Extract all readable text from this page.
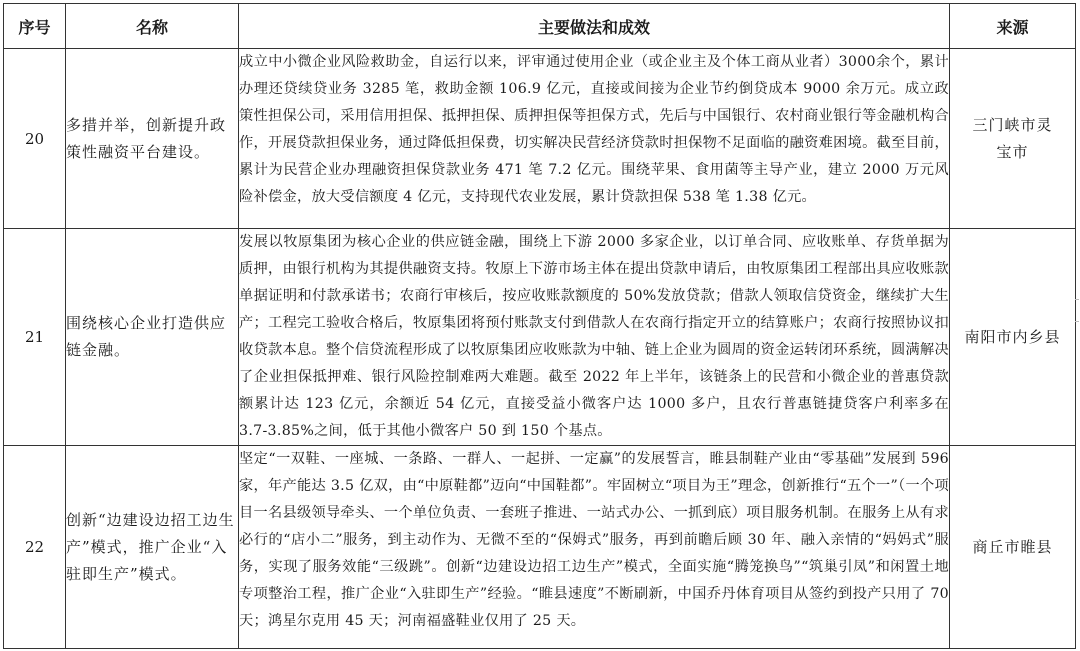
序号	名称	主要做法和成效	来源
20	多措并举，创新提升政策性融资平台建设。	成立中小微企业风险救助金，自运行以来，评审通过使用企业（或企业主及个体工商从业者）3000余个，累计办理还贷续贷业务 3285 笔，救助金额 106.9 亿元，直接或间接为企业节约倒贷成本 9000 余万元。成立政策性担保公司，采用信用担保、抵押担保、质押担保等担保方式，先后与中国银行、农村商业银行等金融机构合作，开展贷款担保业务，通过降低担保费，切实解决民营经济贷款时担保物不足面临的融资难困境。截至目前，累计为民营企业办理融资担保贷款业务 471 笔 7.2 亿元。围绕苹果、食用菌等主导产业，建立 2000 万元风险补偿金，放大受信额度 4 亿元，支持现代农业发展，累计贷款担保 538 笔 1.38 亿元。	三门峡市灵宝市
21	围绕核心企业打造供应链金融。	发展以牧原集团为核心企业的供应链金融，围绕上下游 2000 多家企业，以订单合同、应收账单、存货单据为质押，由银行机构为其提供融资支持。牧原上下游市场主体在提出贷款申请后，由牧原集团工程部出具应收账款单据证明和付款承诺书；农商行审核后，按应收账款额度的 50%发放贷款；借款人领取信贷资金，继续扩大生产；工程完工验收合格后，牧原集团将预付账款支付到借款人在农商行指定开立的结算账户；农商行按照协议扣收贷款本息。整个信贷流程形成了以牧原集团应收账款为中轴、链上企业为圆周的资金运转闭环系统，圆满解决了企业担保抵押难、银行风险控制难两大难题。截至 2022 年上半年，该链条上的民营和小微企业的普惠贷款额累计达 123 亿元，余额近 54 亿元，直接受益小微客户达 1000 多户，且农行普惠链捷贷客户利率多在 3.7-3.85%之间，低于其他小微客户 50 到 150 个基点。	南阳市内乡县
22	创新“边建设边招工边生产”模式，推广企业“入驻即生产”模式。	坚定“一双鞋、一座城、一条路、一群人、一起拼、一定赢”的发展誓言，睢县制鞋产业由“零基础”发展到 596 家，年产能达 3.5 亿双，由“中原鞋都”迈向“中国鞋都”。牢固树立“项目为王”理念，创新推行“五个一”（一个项目一名县级领导牵头、一个单位负责、一套班子推进、一站式办公、一抓到底）项目服务机制。在服务上从有求必行的“店小二”服务，到主动作为、无微不至的“保姆式”服务，再到前瞻后顾 30 年、融入亲情的“妈妈式”服务，实现了服务效能“三级跳”。创新“边建设边招工边生产”模式，全面实施“腾笼换鸟”“筑巢引凤”和闲置土地专项整治工程，推广企业“入驻即生产”经验。“睢县速度”不断刷新，中国乔丹体育项目从签约到投产只用了 70 天；鸿星尔克用 45 天；河南福盛鞋业仅用了 25 天。	商丘市睢县
